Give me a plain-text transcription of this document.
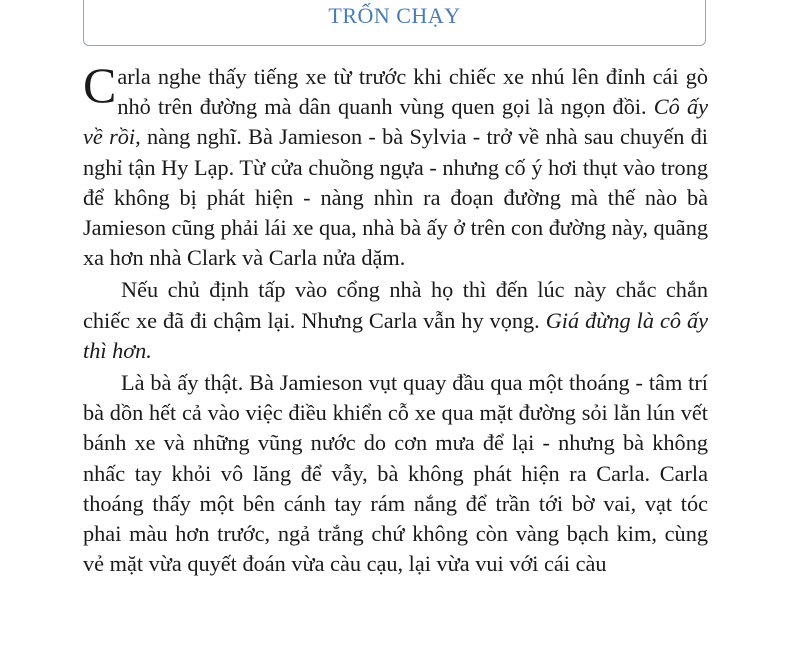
TRỐN CHẠY

Carla nghe thấy tiếng xe từ trước khi chiếc xe nhú lên đỉnh cái gò nhỏ trên đường mà dân quanh vùng quen gọi là ngọn đồi. Cô ấy về rồi, nàng nghĩ. Bà Jamieson - bà Sylvia - trở về nhà sau chuyến đi nghỉ tận Hy Lạp. Từ cửa chuồng ngựa - nhưng cố ý hơi thụt vào trong để không bị phát hiện - nàng nhìn ra đoạn đường mà thế nào bà Jamieson cũng phải lái xe qua, nhà bà ấy ở trên con đường này, quãng xa hơn nhà Clark và Carla nửa dặm.

Nếu chủ định tấp vào cổng nhà họ thì đến lúc này chắc chắn chiếc xe đã đi chậm lại. Nhưng Carla vẫn hy vọng. Giá đừng là cô ấy thì hơn.

Là bà ấy thật. Bà Jamieson vụt quay đầu qua một thoáng - tâm trí bà dồn hết cả vào việc điều khiển cỗ xe qua mặt đường sỏi lằn lún vết bánh xe và những vũng nước do cơn mưa để lại - nhưng bà không nhấc tay khỏi vô lăng để vẫy, bà không phát hiện ra Carla. Carla thoáng thấy một bên cánh tay rám nắng để trần tới bờ vai, vạt tóc phai màu hơn trước, ngả trắng chứ không còn vàng bạch kim, cùng vẻ mặt vừa quyết đoán vừa càu cạu, lại vừa vui với cái càu
